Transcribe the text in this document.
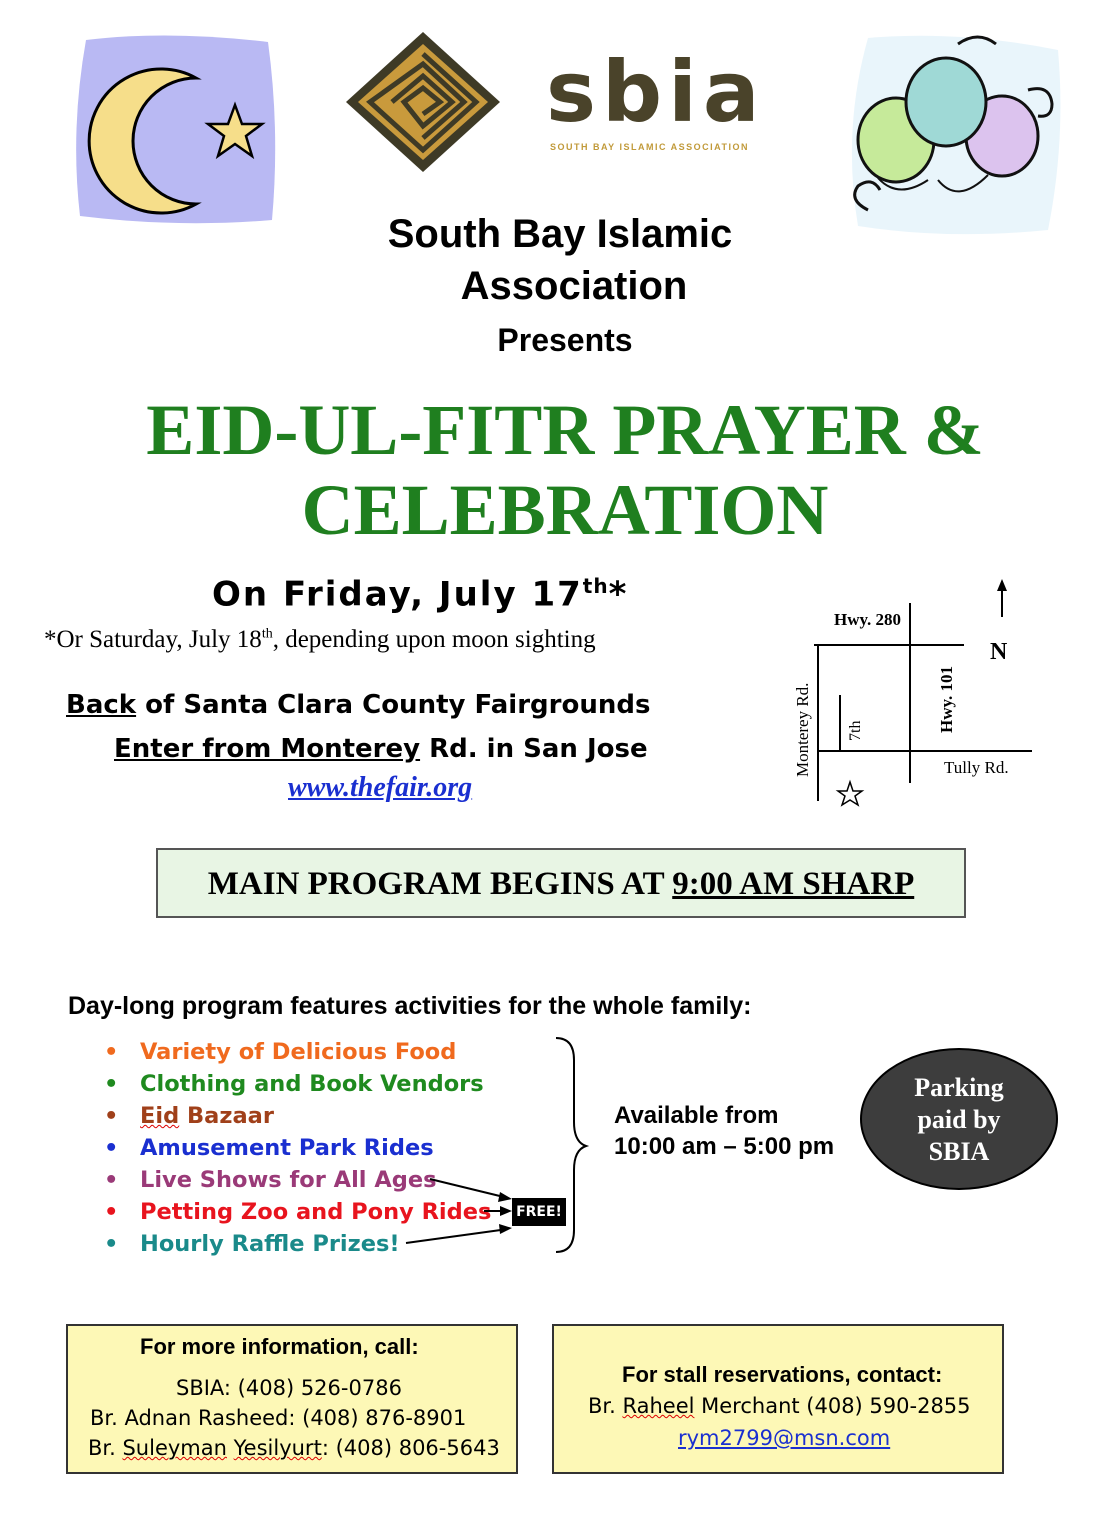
sbia
SOUTH BAY ISLAMIC ASSOCIATION
South Bay Islamic
Association
Presents
EID-UL-FITR PRAYER &
CELEBRATION
On Friday, July 17th*
*Or Saturday, July 18th, depending upon moon sighting
Back of Santa Clara County Fairgrounds
Enter from Monterey Rd. in San Jose
www.thefair.org
Hwy. 280
N
Hwy. 101
Monterey Rd. 7th
Tully Rd.
MAIN PROGRAM BEGINS AT 9:00 AM SHARP
Day-long program features activities for the whole family:
• Variety of Delicious Food
• Clothing and Book Vendors
• Eid Bazaar
• Amusement Park Rides
• Live Shows for All Ages
• Petting Zoo and Pony Rides
• Hourly Raffle Prizes!
FREE!
Available from
10:00 am – 5:00 pm
Parking
paid by
SBIA
For more information, call:
SBIA: (408) 526-0786
Br. Adnan Rasheed: (408) 876-8901
Br. Suleyman Yesilyurt: (408) 806-5643
For stall reservations, contact:
Br. Raheel Merchant (408) 590-2855
rym2799@msn.com
